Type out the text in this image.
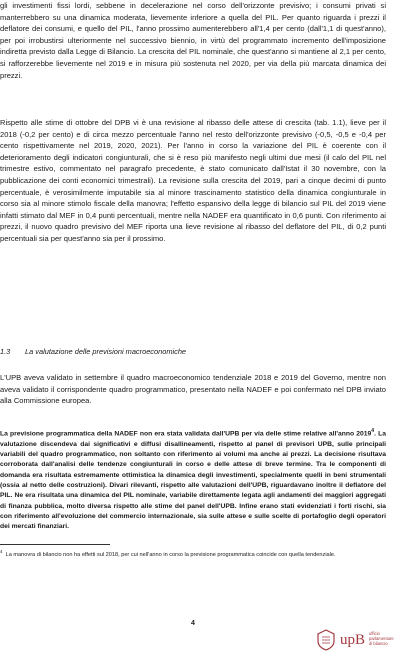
gli investimenti fissi lordi, sebbene in decelerazione nel corso dell'orizzonte previsivo; i consumi privati si manterrebbero su una dinamica moderata, lievemente inferiore a quella del PIL. Per quanto riguarda i prezzi il deflatore dei consumi, e quello del PIL, l'anno prossimo aumenterebbero all'1,4 per cento (dall'1,1 di quest'anno), per poi irrobustirsi ulteriormente nel successivo biennio, in virtù del programmato incremento dell'imposizione indiretta previsto dalla Legge di Bilancio. La crescita del PIL nominale, che quest'anno si mantiene al 2,1 per cento, si rafforzerebbe lievemente nel 2019 e in misura più sostenuta nel 2020, per via della più marcata dinamica dei prezzi.

Rispetto alle stime di ottobre del DPB vi è una revisione al ribasso delle attese di crescita (tab. 1.1), lieve per il 2018 (-0,2 per cento) e di circa mezzo percentuale l'anno nel resto dell'orizzonte previsivo (-0,5, -0,5 e -0,4 per cento rispettivamente nel 2019, 2020, 2021). Per l'anno in corso la variazione del PIL è coerente con il deterioramento degli indicatori congiunturali, che si è reso più manifesto negli ultimi due mesi (il calo del PIL nel trimestre estivo, commentato nel paragrafo precedente, è stato comunicato dall'Istat il 30 novembre, con la pubblicazione dei conti economici trimestrali). La revisione sulla crescita del 2019, pari a cinque decimi di punto percentuale, è verosimilmente imputabile sia al minore trascinamento statistico della dinamica congiunturale in corso sia al minore stimolo fiscale della manovra; l'effetto espansivo della legge di bilancio sul PIL del 2019 viene infatti stimato dal MEF in 0,4 punti percentuali, mentre nella NADEF era quantificato in 0,6 punti. Con riferimento ai prezzi, il nuovo quadro previsivo del MEF riporta una lieve revisione al ribasso del deflatore del PIL, di 0,2 punti percentuali sia per quest'anno sia per il prossimo.

1.3 La valutazione delle previsioni macroeconomiche

L'UPB aveva validato in settembre il quadro macroeconomico tendenziale 2018 e 2019 del Governo, mentre non aveva validato il corrispondente quadro programmatico, presentato nella NADEF e poi confermato nel DPB inviato alla Commissione europea.

La previsione programmatica della NADEF non era stata validata dall'UPB per via delle stime relative all'anno 2019$^4$. La valutazione discendeva dai significativi e diffusi disallineamenti, rispetto al panel di previsori UPB, sulle principali variabili del quadro programmatico, non soltanto con riferimento ai volumi ma anche ai prezzi. La decisione risultava corroborata dall'analisi delle tendenze congiunturali in corso e delle attese di breve termine. Tra le componenti di domanda era risultata estremamente ottimistica la dinamica degli investimenti, specialmente quelli in beni strumentali (ossia al netto delle costruzioni). Divari rilevanti, rispetto alle valutazioni dell'UPB, riguardavano inoltre il deflatore del PIL. Ne era risultata una dinamica del PIL nominale, variabile direttamente legata agli andamenti dei maggiori aggregati di finanza pubblica, molto diversa rispetto alle stime del panel dell'UPB. Infine erano stati evidenziati i forti rischi, sia con riferimento all'evoluzione del commercio internazionale, sia sulle attese e sulle scelte di portafoglio degli operatori dei mercati finanziari.

$^4$  La manovra di bilancio non ha effetti sul 2018, per cui nell'anno in corso la previsione programmatica coincide con quella tendenziale.
4
upB ufficio
parlamentare
di bilancio
